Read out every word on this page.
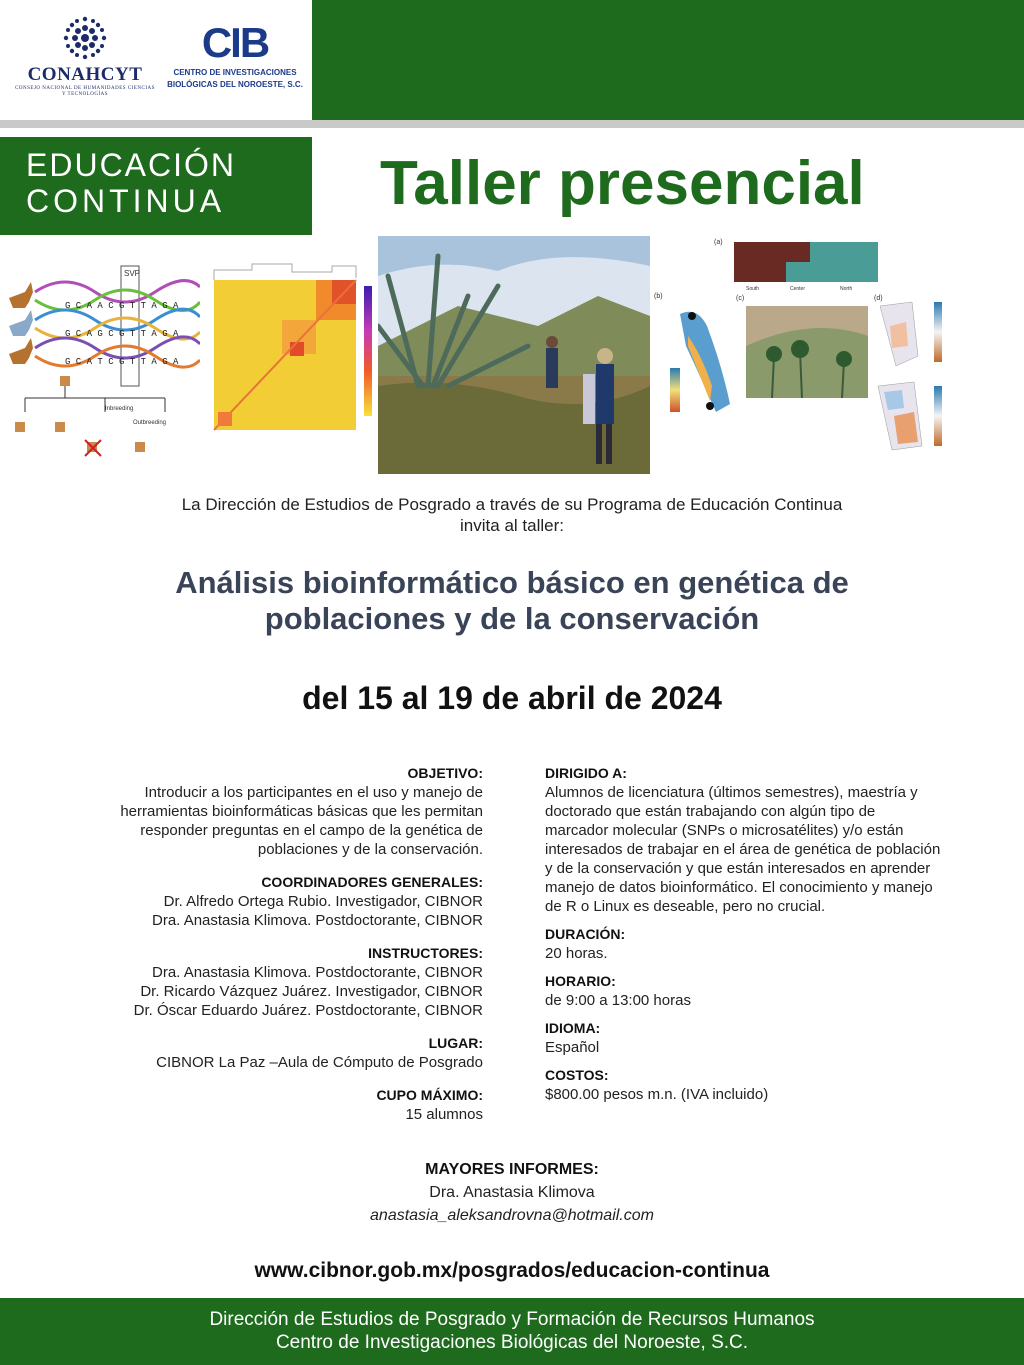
CONAHCYT
CONSEJO NACIONAL DE HUMANIDADES CIENCIAS Y TECNOLOGÍAS
CIB
CENTRO DE INVESTIGACIONES
BIOLÓGICAS DEL NOROESTE, S.C.
EDUCACIÓN
CONTINUA	Taller presencial
SVP
G C A A C G T T A G A
G C A G C G T T A G A
G C A T C G T T A G A
Inbreeding
Outbreeding
(a)
South	Center	North
(b)	(c)	(d)
La Dirección de Estudios de Posgrado a través de su Programa de Educación Continua
invita al taller:
Análisis bioinformático básico en genética de
poblaciones y de la conservación
del 15 al 19 de abril de 2024
OBJETIVO:
Introducir a los participantes en el uso y manejo de
herramientas bioinformáticas básicas que les permitan
responder preguntas en el campo de la genética de
poblaciones y de la conservación.
COORDINADORES GENERALES:
Dr. Alfredo Ortega Rubio. Investigador, CIBNOR
Dra. Anastasia Klimova. Postdoctorante, CIBNOR
INSTRUCTORES:
Dra. Anastasia Klimova. Postdoctorante, CIBNOR
Dr. Ricardo Vázquez Juárez. Investigador, CIBNOR
Dr. Óscar Eduardo Juárez. Postdoctorante, CIBNOR
LUGAR:
CIBNOR La Paz –Aula de Cómputo de Posgrado
CUPO MÁXIMO:
15 alumnos
DIRIGIDO A:
Alumnos de licenciatura (últimos semestres), maestría y
doctorado que están trabajando con algún tipo de
marcador molecular (SNPs o microsatélites) y/o están
interesados de trabajar en el área de genética de población
y de la conservación y que están interesados en aprender
manejo de datos bioinformático. El conocimiento y manejo
de R o Linux es deseable, pero no crucial.
DURACIÓN:
20 horas.
HORARIO:
de 9:00 a 13:00 horas
IDIOMA:
Español
COSTOS:
$800.00 pesos m.n. (IVA incluido)
MAYORES INFORMES:
Dra. Anastasia Klimova
anastasia_aleksandrovna@hotmail.com
www.cibnor.gob.mx/posgrados/educacion-continua
Dirección de Estudios de Posgrado y Formación de Recursos Humanos
Centro de Investigaciones Biológicas del Noroeste, S.C.
